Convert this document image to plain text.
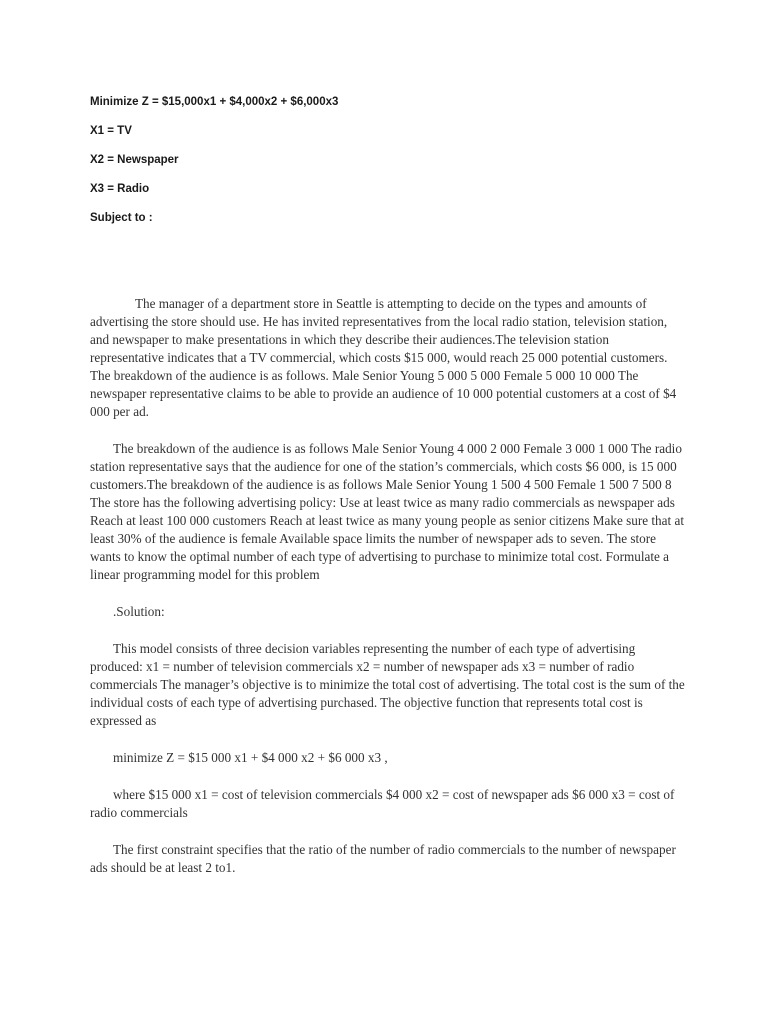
Minimize Z = $15,000x1 + $4,000x2 + $6,000x3
X1 = TV
X2 = Newspaper
X3 = Radio
Subject to :

The manager of a department store in Seattle is attempting to decide on the types and amounts of advertising the store should use. He has invited representatives from the local radio station, television station, and newspaper to make presentations in which they describe their audiences.The television station representative indicates that a TV commercial, which costs $15 000, would reach 25 000 potential customers. The breakdown of the audience is as follows. Male Senior Young 5 000 5 000 Female 5 000 10 000 The newspaper representative claims to be able to provide an audience of 10 000 potential customers at a cost of $4 000 per ad.

The breakdown of the audience is as follows Male Senior Young 4 000 2 000 Female 3 000 1 000 The radio station representative says that the audience for one of the station’s commercials, which costs $6 000, is 15 000 customers.The breakdown of the audience is as follows Male Senior Young 1 500 4 500 Female 1 500 7 500 8 The store has the following advertising policy: Use at least twice as many radio commercials as newspaper ads Reach at least 100 000 customers Reach at least twice as many young people as senior citizens Make sure that at least 30% of the audience is female Available space limits the number of newspaper ads to seven. The store wants to know the optimal number of each type of advertising to purchase to minimize total cost. Formulate a linear programming model for this problem

.Solution:

This model consists of three decision variables representing the number of each type of advertising produced: x1 = number of television commercials x2 = number of newspaper ads x3 = number of radio commercials The manager’s objective is to minimize the total cost of advertising. The total cost is the sum of the individual costs of each type of advertising purchased. The objective function that represents total cost is expressed as

minimize Z = $15 000 x1 + $4 000 x2 + $6 000 x3 ,

where $15 000 x1 = cost of television commercials $4 000 x2 = cost of newspaper ads $6 000 x3 = cost of radio commercials

The first constraint specifies that the ratio of the number of radio commercials to the number of newspaper ads should be at least 2 to1.
